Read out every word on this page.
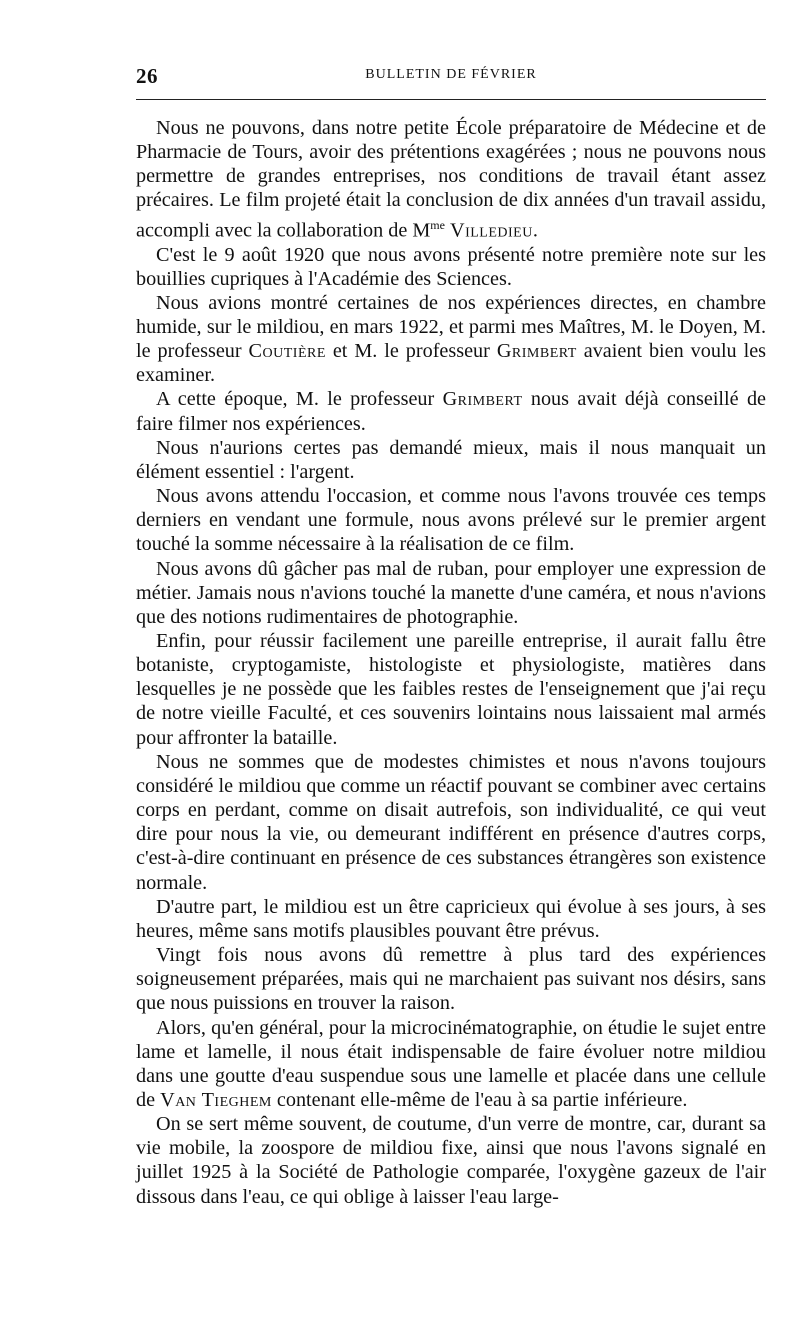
26	BULLETIN DE FÉVRIER

Nous ne pouvons, dans notre petite École préparatoire de Médecine et de Pharmacie de Tours, avoir des prétentions exagérées ; nous ne pouvons nous permettre de grandes entreprises, nos conditions de travail étant assez précaires. Le film projeté était la conclusion de dix années d'un travail assidu, accompli avec la collaboration de $M^{me}$ Villedieu.

C'est le 9 août 1920 que nous avons présenté notre première note sur les bouillies cupriques à l'Académie des Sciences.

Nous avions montré certaines de nos expériences directes, en chambre humide, sur le mildiou, en mars 1922, et parmi mes Maîtres, M. le Doyen, M. le professeur Coutière et M. le professeur Grimbert avaient bien voulu les examiner.

A cette époque, M. le professeur Grimbert nous avait déjà conseillé de faire filmer nos expériences.

Nous n'aurions certes pas demandé mieux, mais il nous manquait un élément essentiel : l'argent.

Nous avons attendu l'occasion, et comme nous l'avons trouvée ces temps derniers en vendant une formule, nous avons prélevé sur le premier argent touché la somme nécessaire à la réalisation de ce film.

Nous avons dû gâcher pas mal de ruban, pour employer une expression de métier. Jamais nous n'avions touché la manette d'une caméra, et nous n'avions que des notions rudimentaires de photographie.

Enfin, pour réussir facilement une pareille entreprise, il aurait fallu être botaniste, cryptogamiste, histologiste et physiologiste, matières dans lesquelles je ne possède que les faibles restes de l'enseignement que j'ai reçu de notre vieille Faculté, et ces souvenirs lointains nous laissaient mal armés pour affronter la bataille.

Nous ne sommes que de modestes chimistes et nous n'avons toujours considéré le mildiou que comme un réactif pouvant se combiner avec certains corps en perdant, comme on disait autrefois, son individualité, ce qui veut dire pour nous la vie, ou demeurant indifférent en présence d'autres corps, c'est-à-dire continuant en présence de ces substances étrangères son existence normale.

D'autre part, le mildiou est un être capricieux qui évolue à ses jours, à ses heures, même sans motifs plausibles pouvant être prévus.

Vingt fois nous avons dû remettre à plus tard des expériences soigneusement préparées, mais qui ne marchaient pas suivant nos désirs, sans que nous puissions en trouver la raison.

Alors, qu'en général, pour la microcinématographie, on étudie le sujet entre lame et lamelle, il nous était indispensable de faire évoluer notre mildiou dans une goutte d'eau suspendue sous une lamelle et placée dans une cellule de Van Tieghem contenant elle-même de l'eau à sa partie inférieure.

On se sert même souvent, de coutume, d'un verre de montre, car, durant sa vie mobile, la zoospore de mildiou fixe, ainsi que nous l'avons signalé en juillet 1925 à la Société de Pathologie comparée, l'oxygène gazeux de l'air dissous dans l'eau, ce qui oblige à laisser l'eau large-
